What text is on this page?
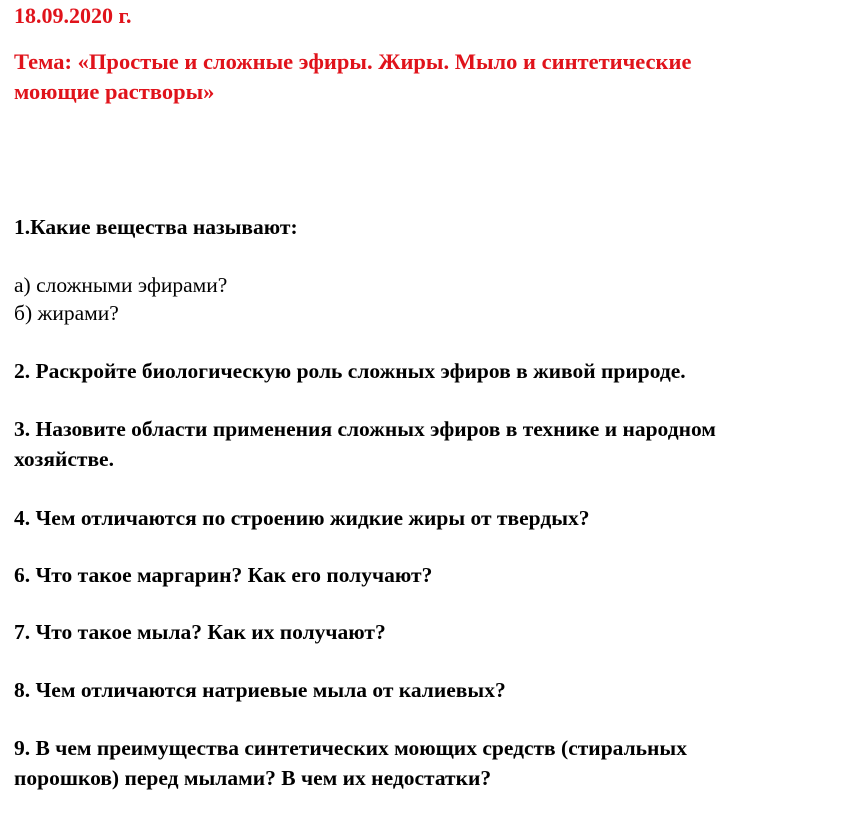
18.09.2020 г.
Тема: «Простые и сложные эфиры. Жиры. Мыло и синтетические
моющие растворы»
1.Какие вещества называют:
а) сложными эфирами?
б) жирами?
2. Раскройте биологическую роль сложных эфиров в живой природе.
3. Назовите области применения сложных эфиров в технике и народном
хозяйстве.
4. Чем отличаются по строению жидкие жиры от твердых?
6. Что такое маргарин? Как его получают?
7. Что такое мыла? Как их получают?
8. Чем отличаются натриевые мыла от калиевых?
9. В чем преимущества синтетических моющих средств (стиральных
порошков) перед мылами? В чем их недостатки?
